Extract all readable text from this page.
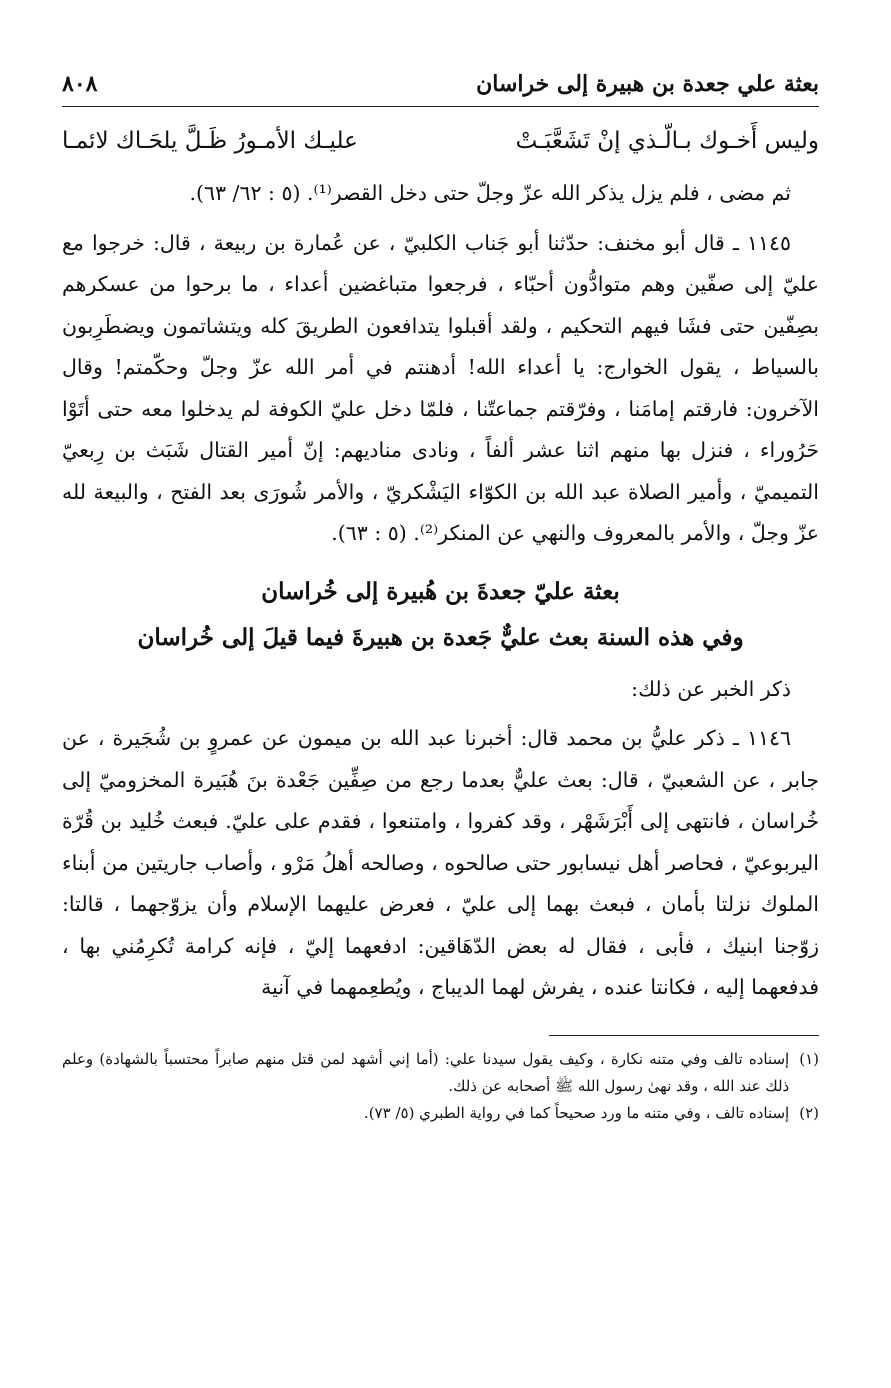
بعثة علي جعدة بن هبيرة إلى خراسان
٨٠٨
وليس أَخـوك بـالّـذي إنْ تَشَعَّبَـتْ
عليـك الأمـورُ ظَـلَّ يلحَـاك لائمـا

ثم مضى ، فلم يزل يذكر الله عزّ وجلّ حتى دخل القصر⁽¹⁾. (٥ : ٦٢/ ٦٣).

١١٤٥ ـ قال أبو مخنف: حدّثنا أبو جَناب الكلبيّ ، عن عُمارة بن ربيعة ، قال: خرجوا مع عليّ إلى صفّين وهم متوادُّون أحبّاء ، فرجعوا متباغضين أعداء ، ما برحوا من عسكرهم بصِفّين حتى فشَا فيهم التحكيم ، ولقد أقبلوا يتدافعون الطريقَ كله ويتشاتمون ويضطَرِبون بالسياط ، يقول الخوارج: يا أعداء الله! أدهنتم في أمر الله عزّ وجلّ وحكّمتم! وقال الآخرون: فارقتم إمامَنا ، وفرّقتم جماعتّنا ، فلمّا دخل عليّ الكوفة لم يدخلوا معه حتى أتَوْا حَرُوراء ، فنزل بها منهم اثنا عشر ألفاً ، ونادى مناديهم: إنّ أمير القتال شَبَث بن رِبعيّ التميميّ ، وأمير الصلاة عبد الله بن الكوّاء اليَشْكريّ ، والأمر شُورَى بعد الفتح ، والبيعة لله عزّ وجلّ ، والأمر بالمعروف والنهي عن المنكر⁽²⁾. (٥ : ٦٣).

بعثة عليّ جعدةَ بن هُبيرة إلى خُراسان
وفي هذه السنة بعث عليٌّ جَعدة بن هبيرةَ فيما قيلَ إلى خُراسان

ذكر الخبر عن ذلك:

١١٤٦ ـ ذكر عليُّ بن محمد قال: أخبرنا عبد الله بن ميمون عن عمروٍ بن شُجَيرة ، عن جابر ، عن الشعبيّ ، قال: بعث عليٌّ بعدما رجع من صِفِّين جَعْدة بنَ هُبَيرة المخزوميّ إلى خُراسان ، فانتهى إلى أَبْرَشَهْر ، وقد كفروا ، وامتنعوا ، فقدم على عليّ. فبعث خُليد بن قُرّة اليربوعيّ ، فحاصر أهل نيسابور حتى صالحوه ، وصالحه أهلُ مَرْو ، وأصاب جاريتين من أبناء الملوك نزلتا بأمان ، فبعث بهما إلى عليّ ، فعرض عليهما الإسلام وأن يزوّجهما ، قالتا: زوّجنا ابنيك ، فأبى ، فقال له بعض الدّهَاقين: ادفعهما إليّ ، فإنه كرامة تُكرِمُني بها ، فدفعهما إليه ، فكانتا عنده ، يفرش لهما الديباج ، ويُطعِمهما في آنية

(١)
إسناده تالف وفي متنه نكارة ، وكيف يقول سيدنا علي: (أما إني أشهد لمن قتل منهم صابراً محتسباً بالشهادة) وعلم ذلك عند الله ، وقد نهىٰ رسول الله ﷺ أصحابه عن ذلك.
(٢)
إسناده تالف ، وفي متنه ما ورد صحيحاً كما في رواية الطبري (٥/ ٧٣).
